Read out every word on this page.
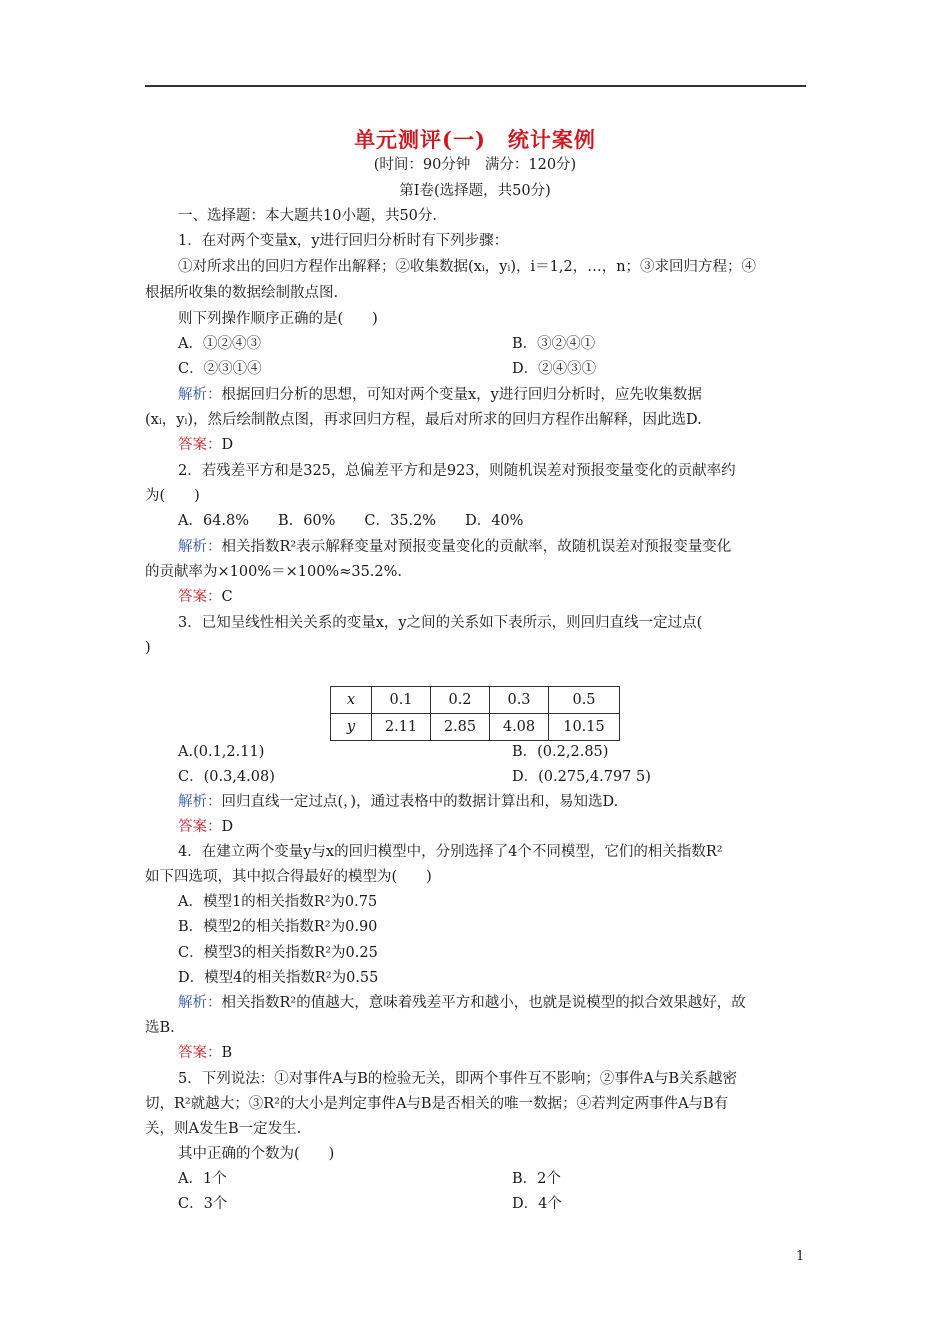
单元测评(一)　统计案例
(时间：90分钟　满分：120分)
第Ⅰ卷(选择题，共50分)
一、选择题：本大题共10小题，共50分.
1．在对两个变量x，y进行回归分析时有下列步骤：
①对所求出的回归方程作出解释；②收集数据(xᵢ，yᵢ)，i＝1,2，…，n；③求回归方程；④
根据所收集的数据绘制散点图.
则下列操作顺序正确的是(　　)
A．①②④③	B．③②④①
C．②③①④	D．②④③①
解析：根据回归分析的思想，可知对两个变量x，y进行回归分析时，应先收集数据
(xᵢ，yᵢ)，然后绘制散点图，再求回归方程，最后对所求的回归方程作出解释，因此选D.
答案：D
2．若残差平方和是325，总偏差平方和是923，则随机误差对预报变量变化的贡献率约
为(　　)
A．64.8%　　B．60%　　C．35.2%　　D．40%
解析：相关指数R²表示解释变量对预报变量变化的贡献率，故随机误差对预报变量变化
的贡献率为×100%＝×100%≈35.2%.
答案：C
3．已知呈线性相关关系的变量x，y之间的关系如下表所示，则回归直线一定过点(
)
x	0.1	0.2	0.3	0.5
y	2.11	2.85	4.08	10.15
A.(0.1,2.11)	B．(0.2,2.85)
C．(0.3,4.08)	D．(0.275,4.797 5)
解析：回归直线一定过点(，)，通过表格中的数据计算出和，易知选D.
答案：D
4．在建立两个变量y与x的回归模型中，分别选择了4个不同模型，它们的相关指数R²
如下四选项，其中拟合得最好的模型为(　　)
A．模型1的相关指数R²为0.75
B．模型2的相关指数R²为0.90
C．模型3的相关指数R²为0.25
D．模型4的相关指数R²为0.55
解析：相关指数R²的值越大，意味着残差平方和越小，也就是说模型的拟合效果越好，故
选B.
答案：B
5．下列说法：①对事件A与B的检验无关，即两个事件互不影响；②事件A与B关系越密
切，R²就越大；③R²的大小是判定事件A与B是否相关的唯一数据；④若判定两事件A与B有
关，则A发生B一定发生.
其中正确的个数为(　　)
A．1个	B．2个
C．3个	D．4个
1
